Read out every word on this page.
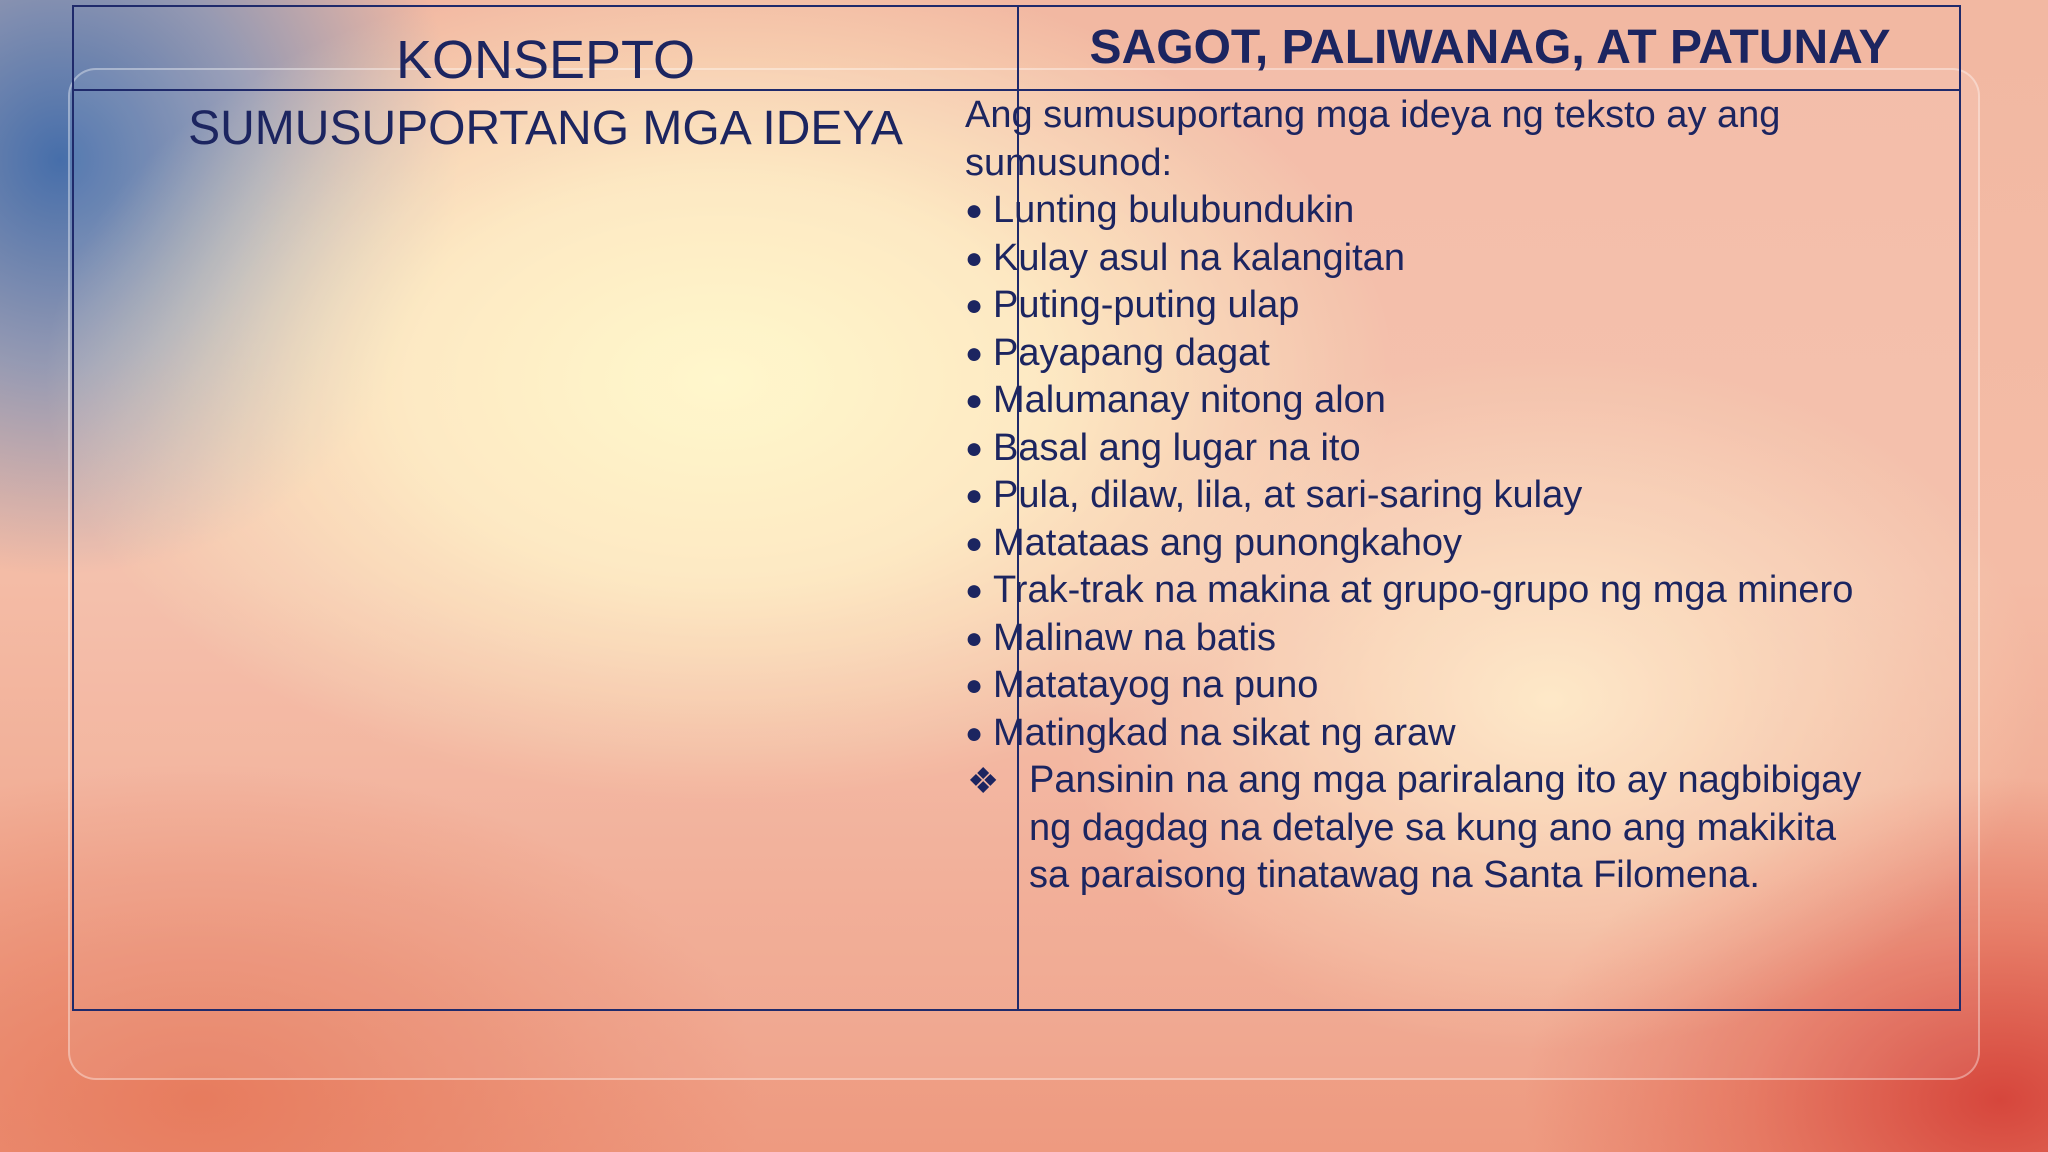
KONSEPTO	SAGOT, PALIWANAG, AT PATUNAY
SUMUSUPORTANG MGA IDEYA	Ang sumusuportang mga ideya ng teksto ay ang sumusunod:
● Lunting bulubundukin
● Kulay asul na kalangitan
● Puting-puting ulap
● Payapang dagat
● Malumanay nitong alon
● Basal ang lugar na ito
● Pula, dilaw, lila, at sari-saring kulay
● Matataas ang punongkahoy
● Trak-trak na makina at grupo-grupo ng mga minero
● Malinaw na batis
● Matatayog na puno
● Matingkad na sikat ng araw
❖ Pansinin na ang mga pariralang ito ay nagbibigay ng dagdag na detalye sa kung ano ang makikita sa paraisong tinatawag na Santa Filomena.
